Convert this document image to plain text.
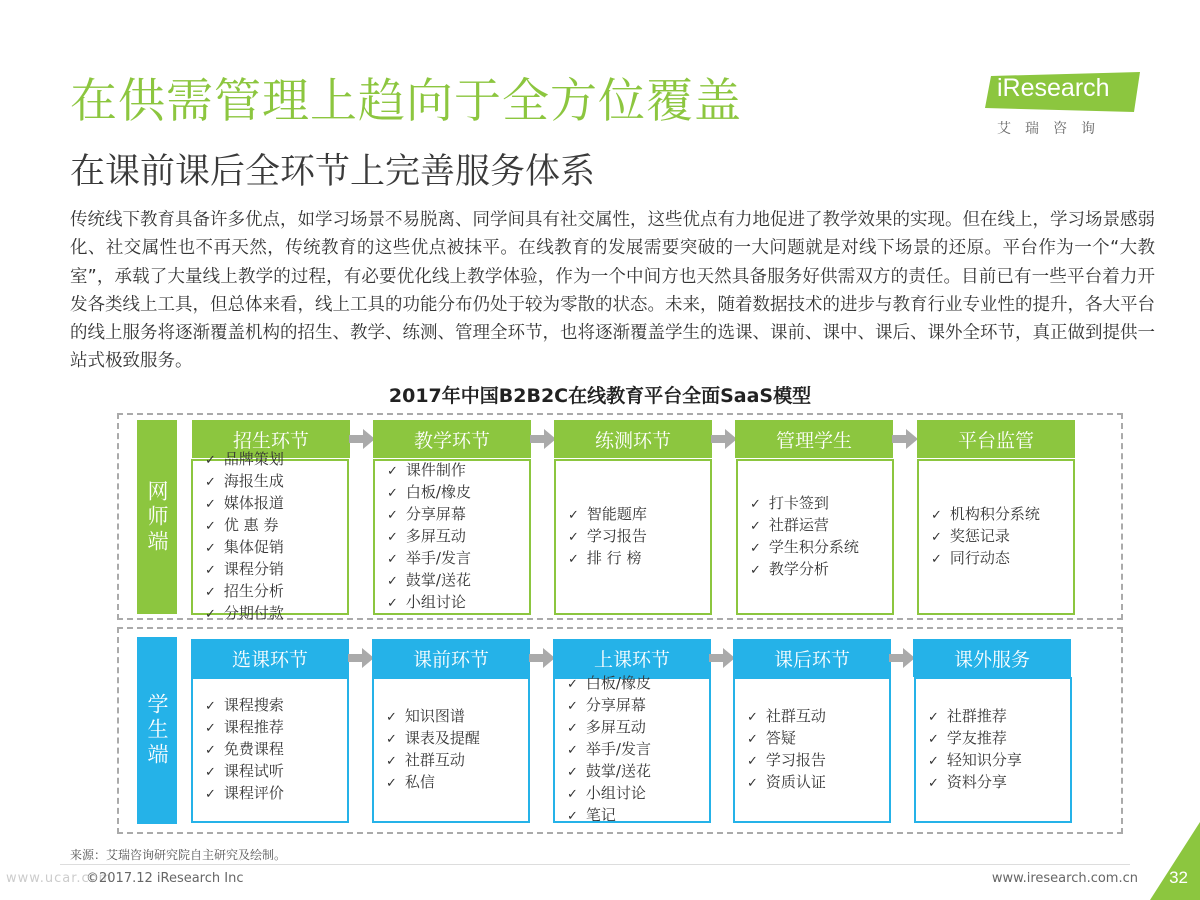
在供需管理上趋向于全方位覆盖
在课前课后全环节上完善服务体系
iResearch
艾瑞咨询

传统线下教育具备许多优点，如学习场景不易脱离、同学间具有社交属性，这些优点有力地促进了教学效果的实现。但在线上，学习场景感弱化、社交属性也不再天然，传统教育的这些优点被抹平。在线教育的发展需要突破的一大问题就是对线下场景的还原。平台作为一个“大教室”，承载了大量线上教学的过程，有必要优化线上教学体验，作为一个中间方也天然具备服务好供需双方的责任。目前已有一些平台着力开发各类线上工具，但总体来看，线上工具的功能分布仍处于较为零散的状态。未来，随着数据技术的进步与教育行业专业性的提升，各大平台的线上服务将逐渐覆盖机构的招生、教学、练测、管理全环节，也将逐渐覆盖学生的选课、课前、课中、课后、课外全环节，真正做到提供一站式极致服务。

2017年中国B2B2C在线教育平台全面SaaS模型
网师端
学生端
招生环节
✓ 品牌策划
✓ 海报生成
✓ 媒体报道
✓ 优 惠 券
✓ 集体促销
✓ 课程分销
✓ 招生分析
✓ 分期付款
教学环节
✓ 课件制作
✓ 白板/橡皮
✓ 分享屏幕
✓ 多屏互动
✓ 举手/发言
✓ 鼓掌/送花
✓ 小组讨论
练测环节
✓ 智能题库
✓ 学习报告
✓ 排 行 榜
管理学生
✓ 打卡签到
✓ 社群运营
✓ 学生积分系统
✓ 教学分析
平台监管
✓ 机构积分系统
✓ 奖惩记录
✓ 同行动态
选课环节
✓ 课程搜索
✓ 课程推荐
✓ 免费课程
✓ 课程试听
✓ 课程评价
课前环节
✓ 知识图谱
✓ 课表及提醒
✓ 社群互动
✓ 私信
上课环节
✓ 白板/橡皮
✓ 分享屏幕
✓ 多屏互动
✓ 举手/发言
✓ 鼓掌/送花
✓ 小组讨论
✓ 笔记
课后环节
✓ 社群互动
✓ 答疑
✓ 学习报告
✓ 资质认证
课外服务
✓ 社群推荐
✓ 学友推荐
✓ 轻知识分享
✓ 资料分享

来源：艾瑞咨询研究院自主研究及绘制。

www.ucar.com
©2017.12 iResearch Inc	www.iresearch.com.cn 32
